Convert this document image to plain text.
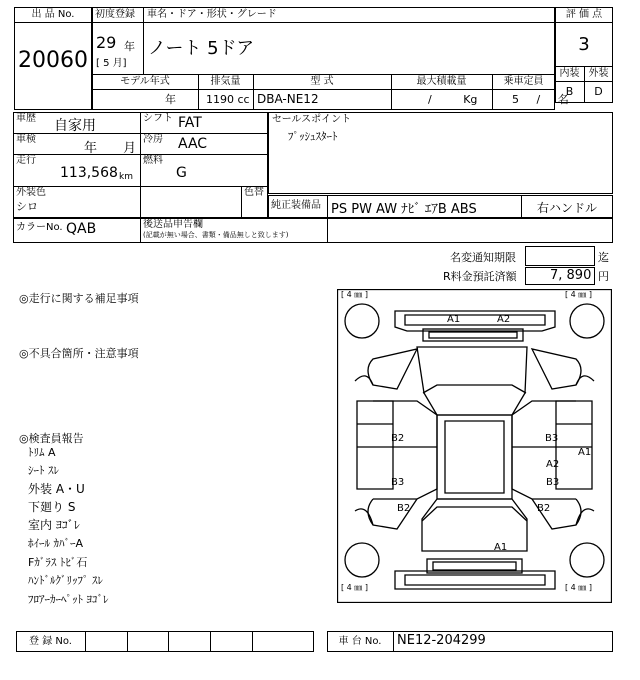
出 品 No.
20060
初度登録 車名・ドア・形状・グレード
29 年
[ 5 月]
ノート 5ドア
モデル年式	排気量	型 式	最大積載量	乗車定員
年	1190 cc DBA-NE12	/ Kg	5 / 名
評 価 点
3
内装 外装
B	D
車歴 自家用	シフト FAT
車検
年 月
冷房 AAC
走行
113,568 km
燃料
G
外装色
シロ
色替
セールスポイント
ﾌﾟｯｼｭｽﾀｰﾄ
純正装備品 PS PW AW ﾅﾋﾞ ｴｱB ABS	右ハンドル
カラーNo. QAB	後送品申告欄
(記載が無い場合、書類・備品無しと致します)
名変通知期限	迄
R料金預託済額	7, 890 円
◎走行に関する補足事項
◎不具合箇所・注意事項
◎検査員報告
ﾄﾘﾑ A
ｼｰﾄ ｽﾚ
外装 A・U
下廻り S
室内 ﾖｺﾞﾚ
ﾎｲｰﾙ ｶﾊﾞｰA
Fｶﾞﾗｽ ﾄﾋﾞ石
ﾊﾝﾄﾞﾙｸﾞﾘｯﾌﾟ ｽﾚ
ﾌﾛｱｰｶｰﾍﾟｯﾄ ﾖｺﾞﾚ
[ 4 ㎜ ]	[ 4 ㎜ ]
[ 4 ㎜ ]	[ 4 ㎜ ]
A1	A2
B2
B3
B2
B3
A2
B3
A1
B2
A1
登 録 No.	車 台 No.	NE12-204299
